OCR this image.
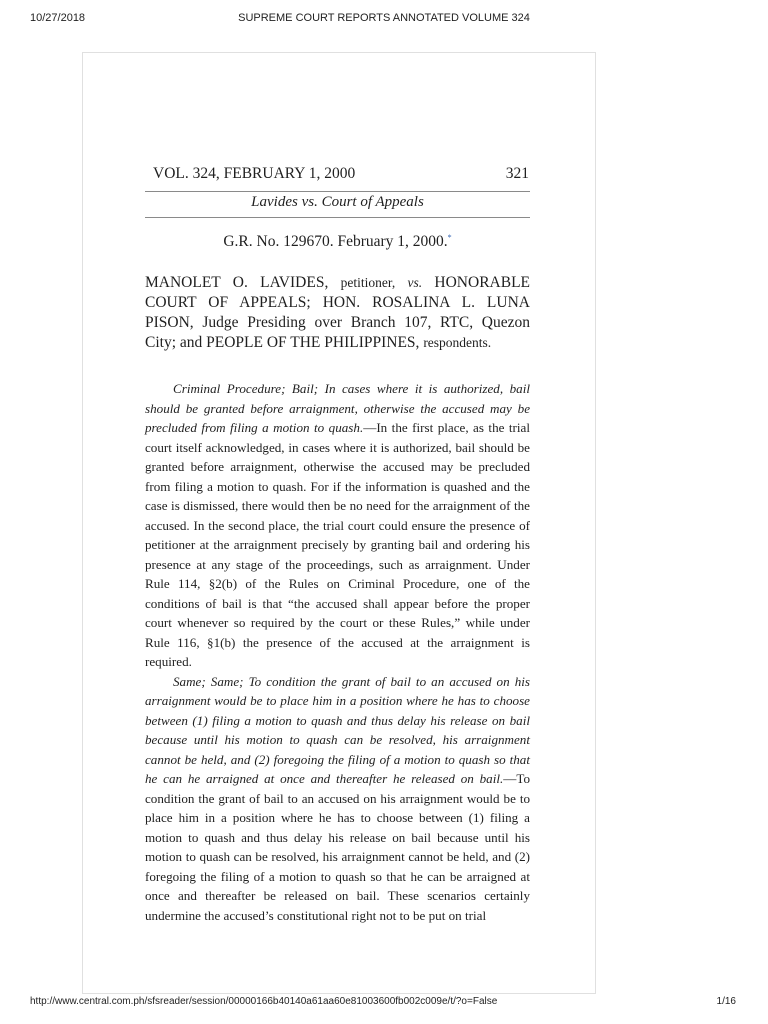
10/27/2018	SUPREME COURT REPORTS ANNOTATED VOLUME 324
VOL. 324, FEBRUARY 1, 2000	321
Lavides vs. Court of Appeals
G.R. No. 129670. February 1, 2000.*
MANOLET O. LAVIDES, petitioner, vs. HONORABLE COURT OF APPEALS; HON. ROSALINA L. LUNA PISON, Judge Presiding over Branch 107, RTC, Quezon City; and PEOPLE OF THE PHILIPPINES, respondents.

Criminal Procedure; Bail; In cases where it is authorized, bail should be granted before arraignment, otherwise the accused may be precluded from filing a motion to quash.—In the first place, as the trial court itself acknowledged, in cases where it is authorized, bail should be granted before arraignment, otherwise the accused may be precluded from filing a motion to quash. For if the information is quashed and the case is dismissed, there would then be no need for the arraignment of the accused. In the second place, the trial court could ensure the presence of petitioner at the arraignment precisely by granting bail and ordering his presence at any stage of the proceedings, such as arraignment. Under Rule 114, §2(b) of the Rules on Criminal Procedure, one of the conditions of bail is that “the accused shall appear before the proper court whenever so required by the court or these Rules,” while under Rule 116, §1(b) the presence of the accused at the arraignment is required.

Same; Same; To condition the grant of bail to an accused on his arraignment would be to place him in a position where he has to choose between (1) filing a motion to quash and thus delay his release on bail because until his motion to quash can be resolved, his arraignment cannot be held, and (2) foregoing the filing of a motion to quash so that he can he arraigned at once and thereafter he released on bail.—To condition the grant of bail to an accused on his arraignment would be to place him in a position where he has to choose between (1) filing a motion to quash and thus delay his release on bail because until his motion to quash can be resolved, his arraignment cannot be held, and (2) foregoing the filing of a motion to quash so that he can be arraigned at once and thereafter be released on bail. These scenarios certainly undermine the accused’s constitutional right not to be put on trial

http://www.central.com.ph/sfsreader/session/00000166b40140a61aa60e81003600fb002c009e/t/?o=False	1/16
